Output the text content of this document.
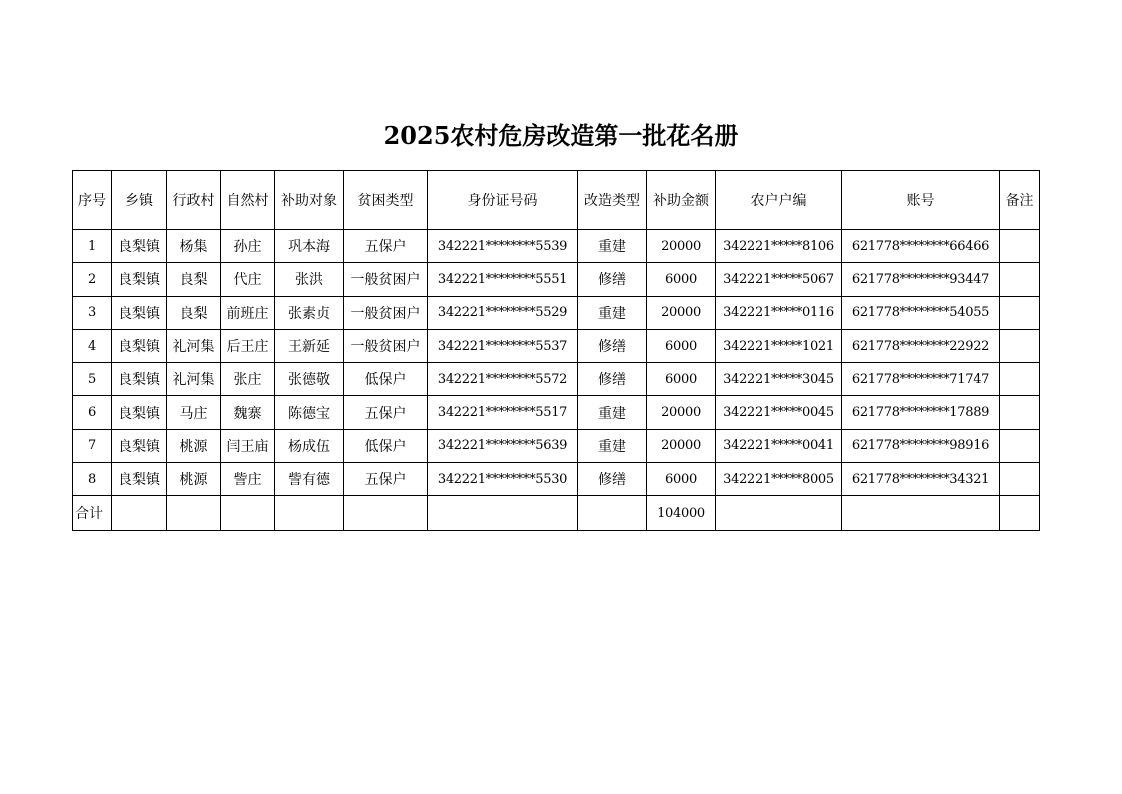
2025农村危房改造第一批花名册
序号	乡镇	行政村	自然村	补助对象	贫困类型	身份证号码	改造类型	补助金额	农户户编	账号	备注
1	良梨镇	杨集	孙庄	巩本海	五保户	342221********5539	重建	20000	342221*****8106	621778********66466	
2	良梨镇	良梨	代庄	张洪	一般贫困户	342221********5551	修缮	6000	342221*****5067	621778********93447	
3	良梨镇	良梨	前班庄	张素贞	一般贫困户	342221********5529	重建	20000	342221*****0116	621778********54055	
4	良梨镇	礼河集	后王庄	王新延	一般贫困户	342221********5537	修缮	6000	342221*****1021	621778********22922	
5	良梨镇	礼河集	张庄	张德敬	低保户	342221********5572	修缮	6000	342221*****3045	621778********71747	
6	良梨镇	马庄	魏寨	陈德宝	五保户	342221********5517	重建	20000	342221*****0045	621778********17889	
7	良梨镇	桃源	闫王庙	杨成伍	低保户	342221********5639	重建	20000	342221*****0041	621778********98916	
8	良梨镇	桃源	訾庄	訾有德	五保户	342221********5530	修缮	6000	342221*****8005	621778********34321	
合计								104000			
